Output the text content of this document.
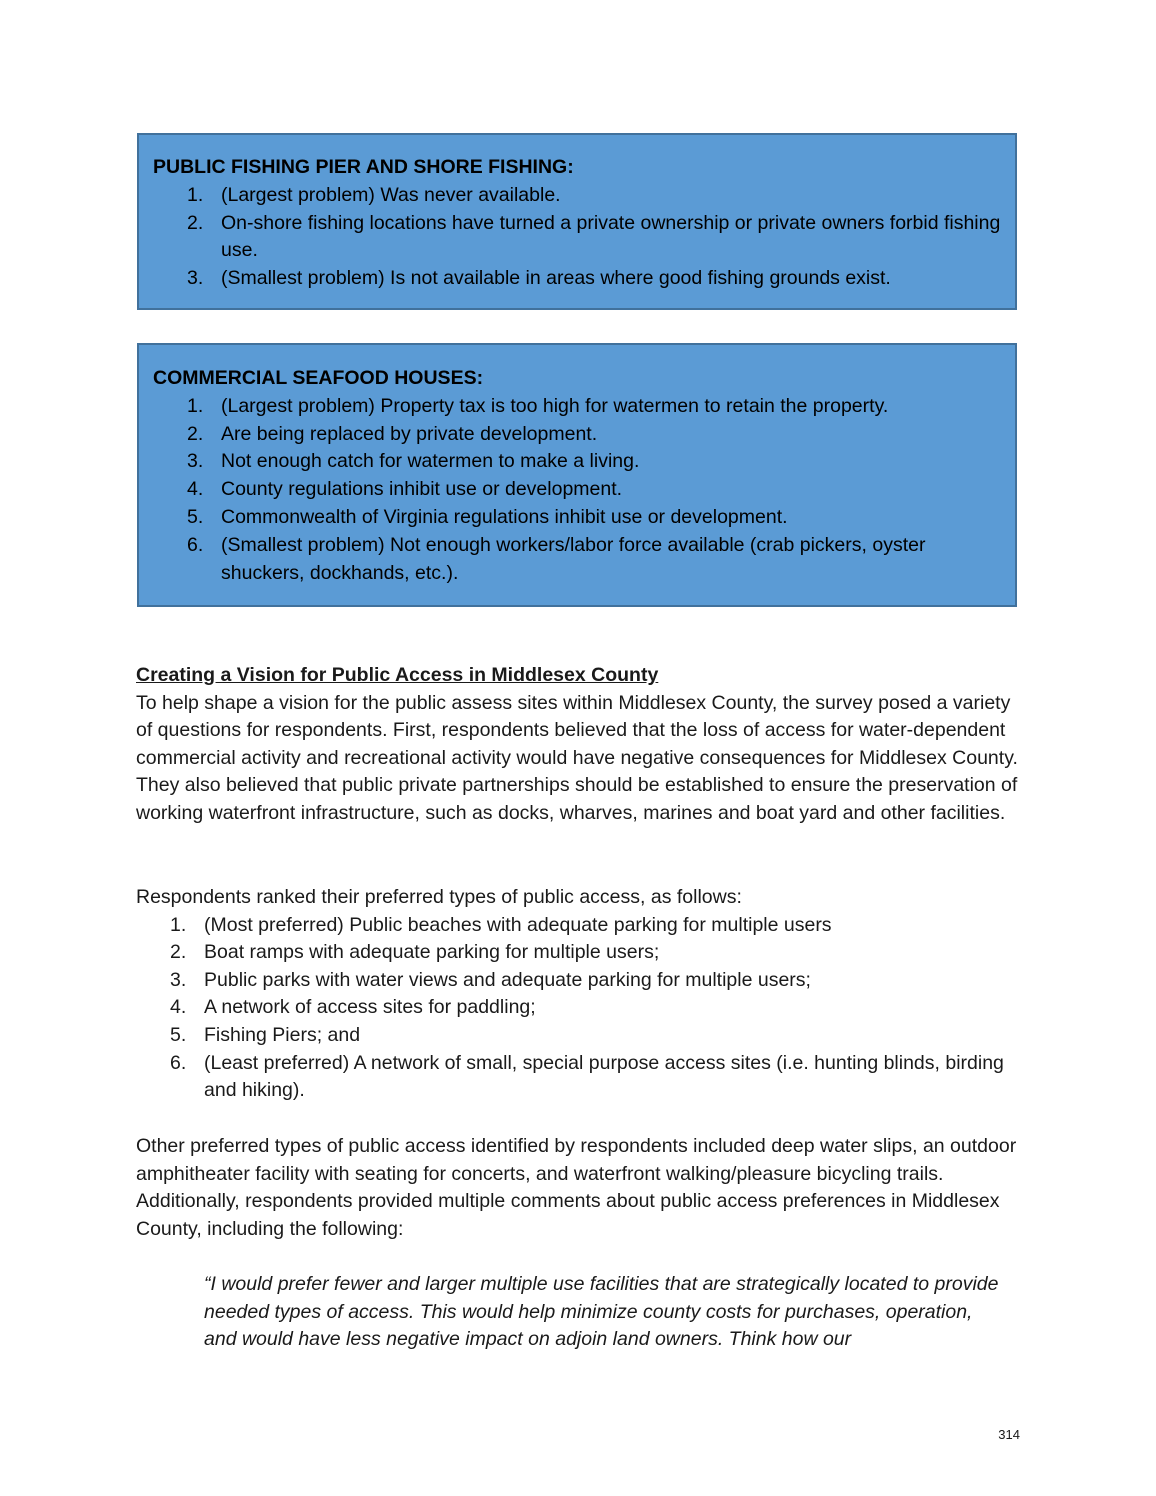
PUBLIC FISHING PIER AND SHORE FISHING:

1. (Largest problem) Was never available.
2. On-shore fishing locations have turned a private ownership or private owners forbid fishing use.
3. (Smallest problem) Is not available in areas where good fishing grounds exist.

COMMERCIAL SEAFOOD HOUSES:

1. (Largest problem) Property tax is too high for watermen to retain the property.
2. Are being replaced by private development.
3. Not enough catch for watermen to make a living.
4. County regulations inhibit use or development.
5. Commonwealth of Virginia regulations inhibit use or development.
6. (Smallest problem) Not enough workers/labor force available (crab pickers, oyster shuckers, dockhands, etc.).

Creating a Vision for Public Access in Middlesex County

To help shape a vision for the public assess sites within Middlesex County, the survey posed a variety of questions for respondents. First, respondents believed that the loss of access for water-dependent commercial activity and recreational activity would have negative consequences for Middlesex County. They also believed that public private partnerships should be established to ensure the preservation of working waterfront infrastructure, such as docks, wharves, marines and boat yard and other facilities.

Respondents ranked their preferred types of public access, as follows:

1. (Most preferred) Public beaches with adequate parking for multiple users
2. Boat ramps with adequate parking for multiple users;
3. Public parks with water views and adequate parking for multiple users;
4. A network of access sites for paddling;
5. Fishing Piers; and
6. (Least preferred) A network of small, special purpose access sites (i.e. hunting blinds, birding and hiking).

Other preferred types of public access identified by respondents included deep water slips, an outdoor amphitheater facility with seating for concerts, and waterfront walking/pleasure bicycling trails. Additionally, respondents provided multiple comments about public access preferences in Middlesex County, including the following:

“I would prefer fewer and larger multiple use facilities that are strategically located to provide needed types of access. This would help minimize county costs for purchases, operation, and would have less negative impact on adjoin land owners. Think how our
314
